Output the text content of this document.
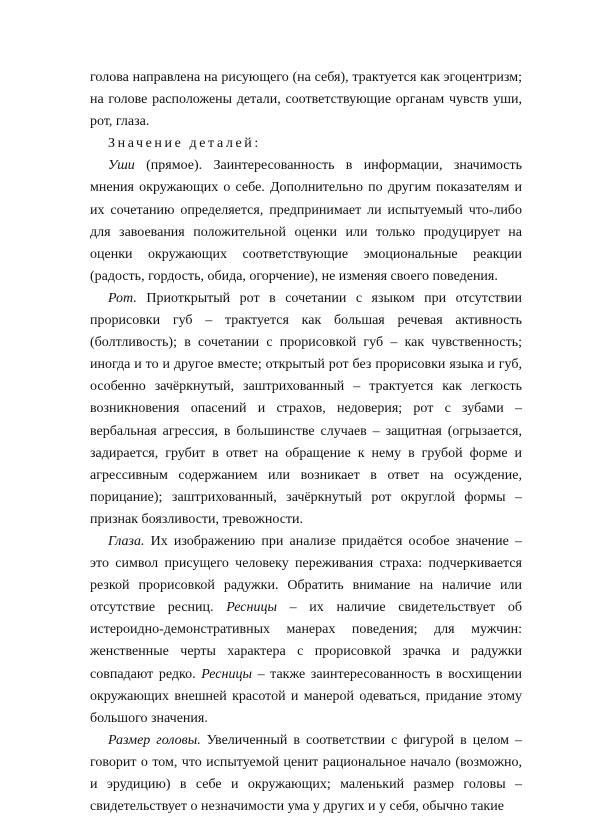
голова направлена на рисующего (на себя), трактуется как эгоцентризм; на голове расположены детали, соответствующие органам чувств уши, рот, глаза.

Значение деталей:

Уши (прямое). Заинтересованность в информации, значимость мнения окружающих о себе. Дополнительно по другим показателям и их сочетанию определяется, предпринимает ли испытуемый что-либо для завоевания положительной оценки или только продуцирует на оценки окружающих соответствующие эмоциональные реакции (радость, гордость, обида, огорчение), не изменяя своего поведения.

Рот. Приоткрытый рот в сочетании с языком при отсутствии прорисовки губ – трактуется как большая речевая активность (болтливость); в сочетании с прорисовкой губ – как чувственность; иногда и то и другое вместе; открытый рот без прорисовки языка и губ, особенно зачёркнутый, заштрихованный – трактуется как легкость возникновения опасений и страхов, недоверия; рот с зубами – вербальная агрессия, в большинстве случаев – защитная (огрызается, задирается, грубит в ответ на обращение к нему в грубой форме и агрессивным содержанием или возникает в ответ на осуждение, порицание); заштрихованный, зачёркнутый рот округлой формы – признак боязливости, тревожности.

Глаза. Их изображению при анализе придаётся особое значение – это символ присущего человеку переживания страха: подчеркивается резкой прорисовкой радужки. Обратить внимание на наличие или отсутствие ресниц. Ресницы – их наличие свидетельствует об истероидно-демонстративных манерах поведения; для мужчин: женственные черты характера с прорисовкой зрачка и радужки совпадают редко. Ресницы – также заинтересованность в восхищении окружающих внешней красотой и манерой одеваться, придание этому большого значения.

Размер головы. Увеличенный в соответствии с фигурой в целом – говорит о том, что испытуемой ценит рациональное начало (возможно, и эрудицию) в себе и окружающих; маленький размер головы – свидетельствует о незначимости ума у других и у себя, обычно такие
